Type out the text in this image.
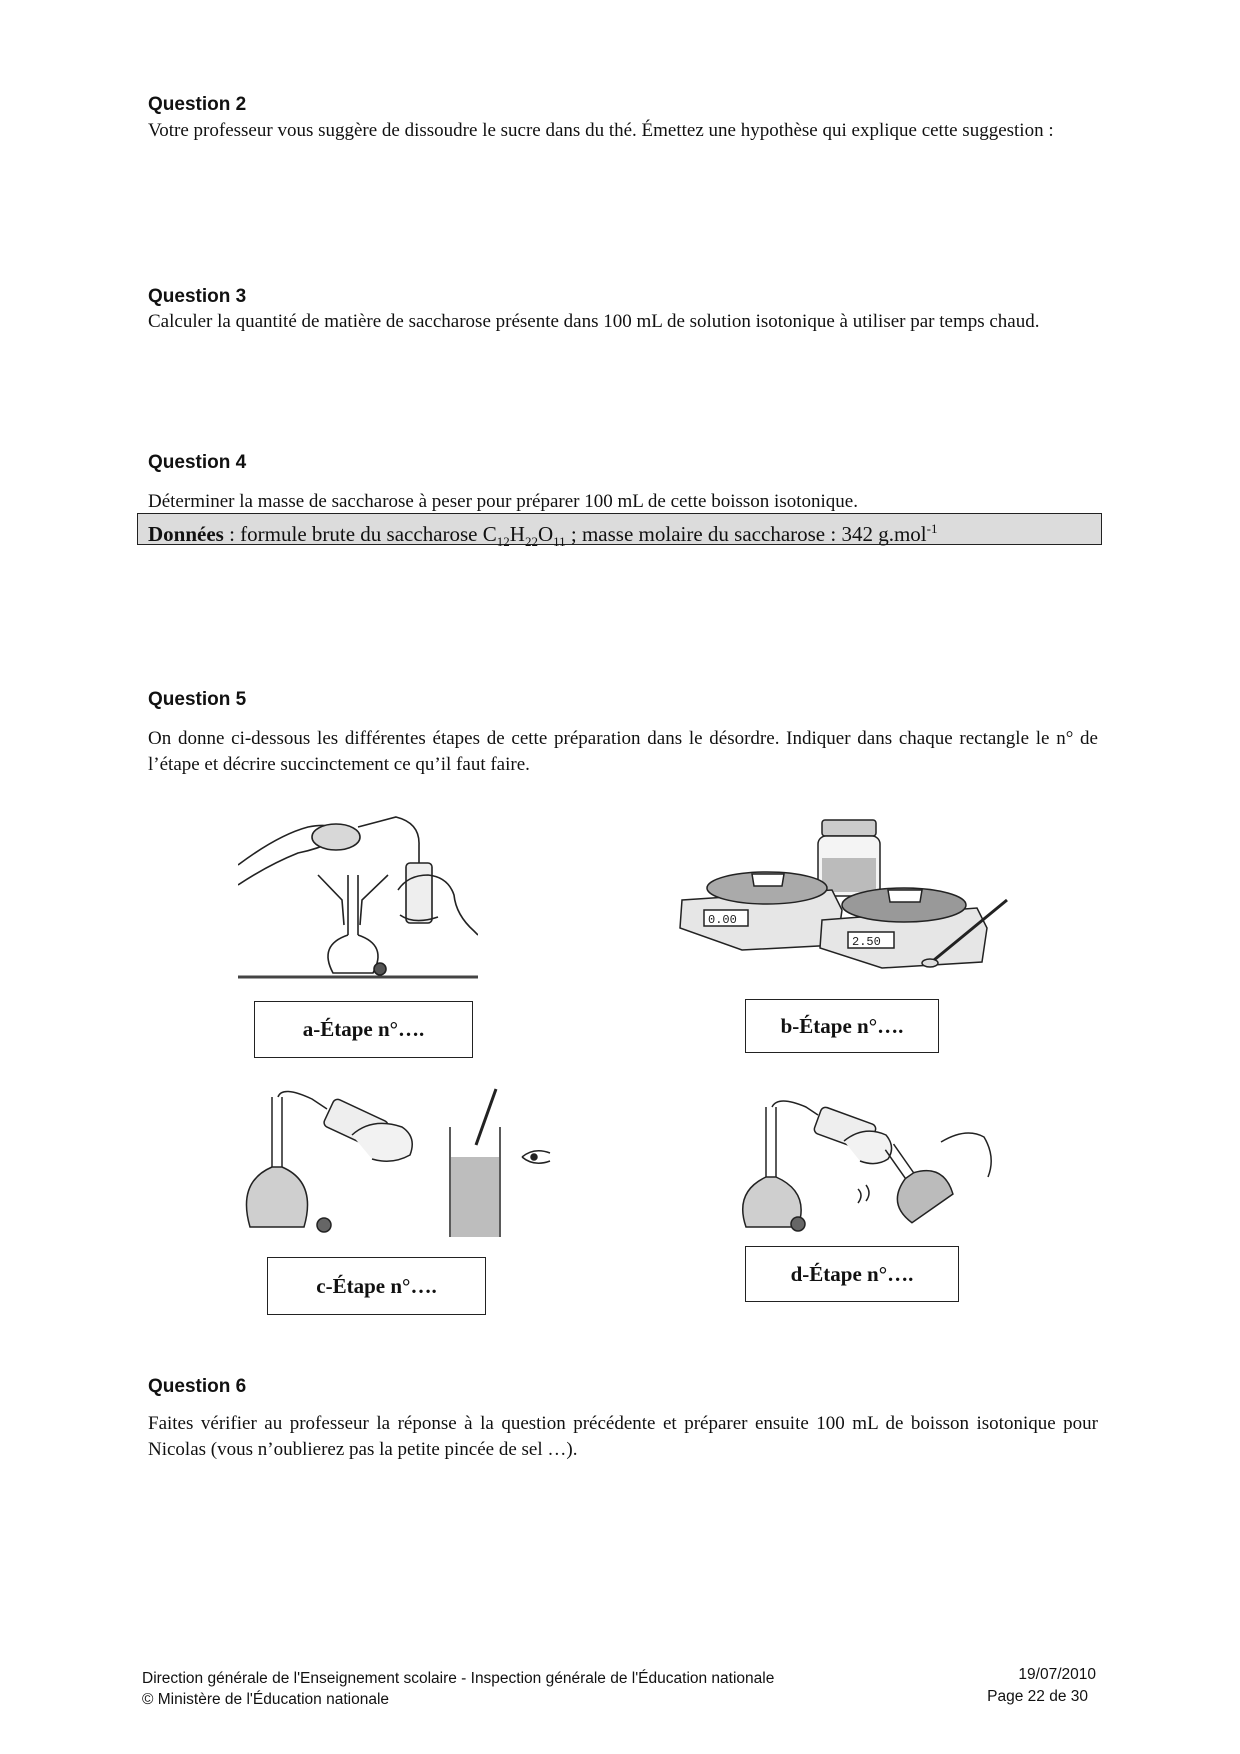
Question 2
Votre professeur vous suggère de dissoudre le sucre dans du thé. Émettez une hypothèse qui explique cette suggestion :
Question 3
Calculer la quantité de matière de saccharose présente dans 100 mL de solution isotonique à utiliser par temps chaud.
Question 4
Déterminer la masse de saccharose à peser pour préparer 100 mL de cette boisson isotonique.
Données : formule brute du saccharose $C_{12}H_{22}O_{11}$ ; masse molaire du saccharose : 342 g.mol$^{-1}$
Question 5
On donne ci-dessous les différentes étapes de cette préparation dans le désordre. Indiquer dans chaque rectangle le n° de l’étape et décrire succinctement ce qu’il faut faire.
a-Étape n°….
0.00
2.50
b-Étape n°….
c-Étape n°….	d-Étape n°….
Question 6
Faites vérifier au professeur la réponse à la question précédente et préparer ensuite 100 mL de boisson isotonique pour Nicolas (vous n’oublierez pas la petite pincée de sel …).
Direction générale de l'Enseignement scolaire - Inspection générale de l'Éducation nationale
© Ministère de l'Éducation nationale
19/07/2010
Page 22 de 30
